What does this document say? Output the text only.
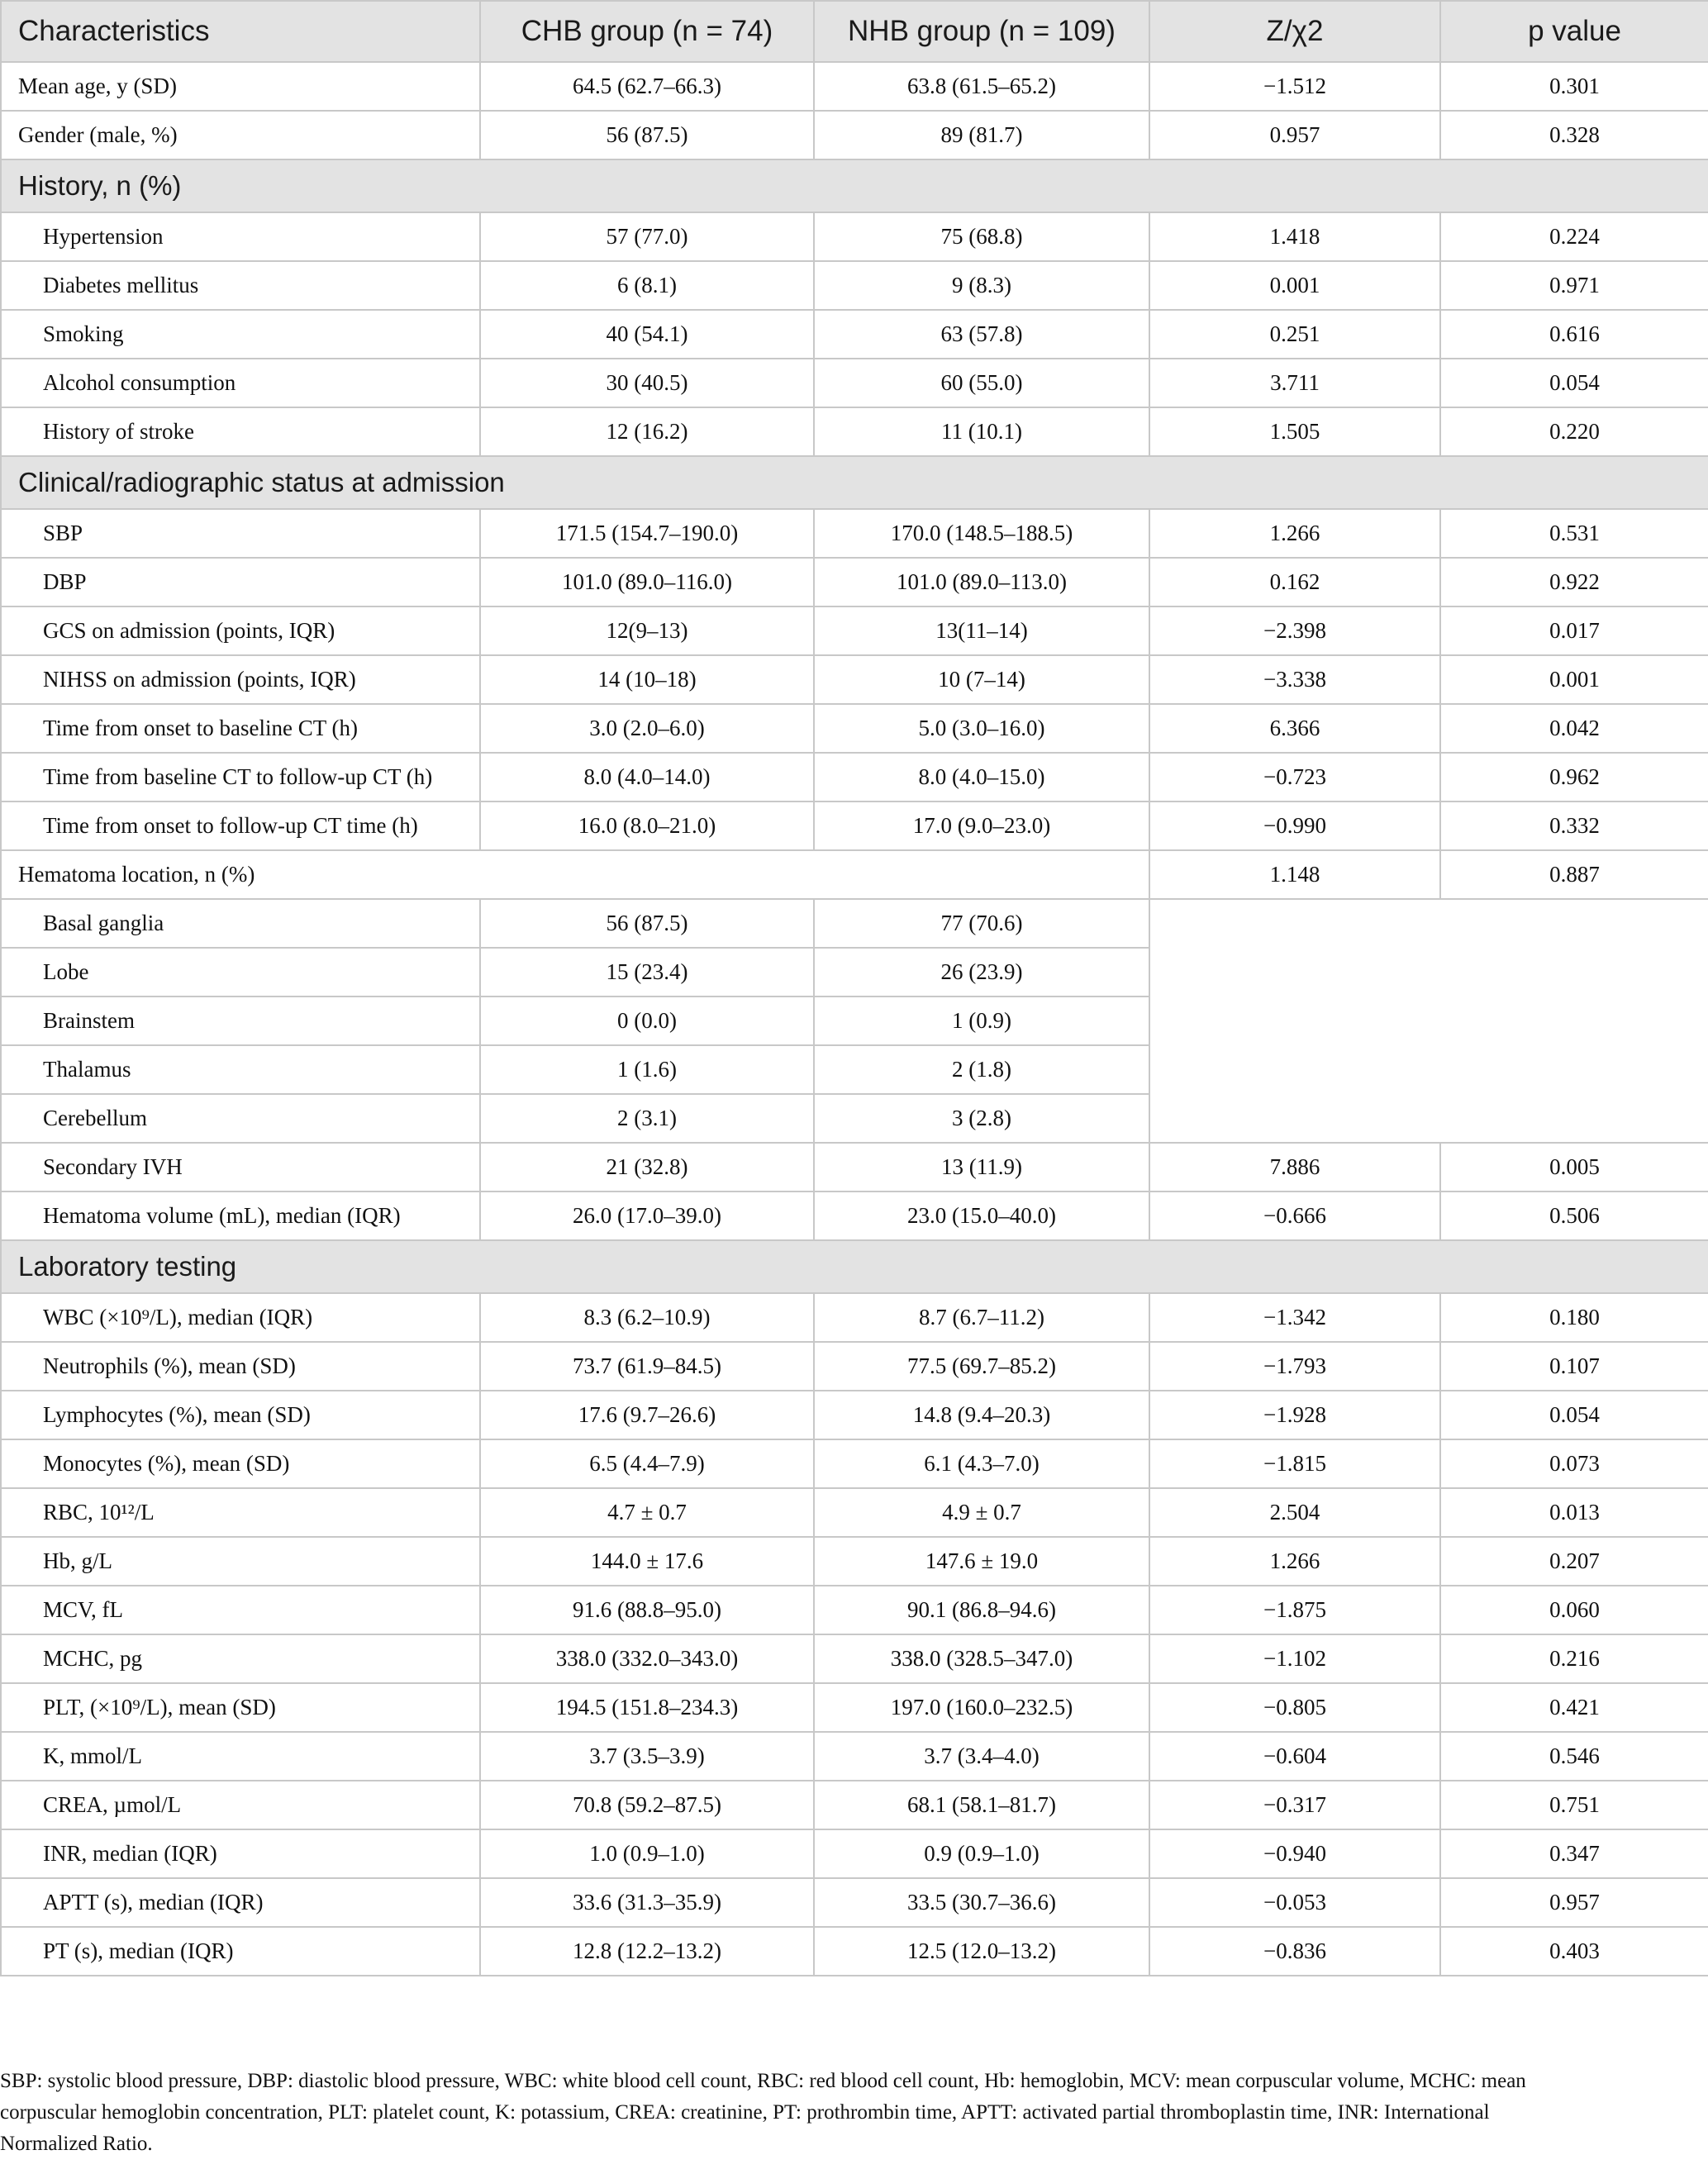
Characteristics	CHB group (n = 74)	NHB group (n = 109)	Z/χ2	p value
Mean age, y (SD)	64.5 (62.7–66.3)	63.8 (61.5–65.2)	−1.512	0.301
Gender (male, %)	56 (87.5)	89 (81.7)	0.957	0.328
History, n (%)				
Hypertension	57 (77.0)	75 (68.8)	1.418	0.224
Diabetes mellitus	6 (8.1)	9 (8.3)	0.001	0.971
Smoking	40 (54.1)	63 (57.8)	0.251	0.616
Alcohol consumption	30 (40.5)	60 (55.0)	3.711	0.054
History of stroke	12 (16.2)	11 (10.1)	1.505	0.220
Clinical/radiographic status at admission				
SBP	171.5 (154.7–190.0)	170.0 (148.5–188.5)	1.266	0.531
DBP	101.0 (89.0–116.0)	101.0 (89.0–113.0)	0.162	0.922
GCS on admission (points, IQR)	12(9–13)	13(11–14)	−2.398	0.017
NIHSS on admission (points, IQR)	14 (10–18)	10 (7–14)	−3.338	0.001
Time from onset to baseline CT (h)	3.0 (2.0–6.0)	5.0 (3.0–16.0)	6.366	0.042
Time from baseline CT to follow-up CT (h)	8.0 (4.0–14.0)	8.0 (4.0–15.0)	−0.723	0.962
Time from onset to follow-up CT time (h)	16.0 (8.0–21.0)	17.0 (9.0–23.0)	−0.990	0.332
Hematoma location, n (%)			1.148	0.887
Basal ganglia	56 (87.5)	77 (70.6)		
Lobe	15 (23.4)	26 (23.9)		
Brainstem	0 (0.0)	1 (0.9)		
Thalamus	1 (1.6)	2 (1.8)		
Cerebellum	2 (3.1)	3 (2.8)		
Secondary IVH	21 (32.8)	13 (11.9)	7.886	0.005
Hematoma volume (mL), median (IQR)	26.0 (17.0–39.0)	23.0 (15.0–40.0)	−0.666	0.506
Laboratory testing				
WBC (×10⁹/L), median (IQR)	8.3 (6.2–10.9)	8.7 (6.7–11.2)	−1.342	0.180
Neutrophils (%), mean (SD)	73.7 (61.9–84.5)	77.5 (69.7–85.2)	−1.793	0.107
Lymphocytes (%), mean (SD)	17.6 (9.7–26.6)	14.8 (9.4–20.3)	−1.928	0.054
Monocytes (%), mean (SD)	6.5 (4.4–7.9)	6.1 (4.3–7.0)	−1.815	0.073
RBC, 10¹²/L	4.7 ± 0.7	4.9 ± 0.7	2.504	0.013
Hb, g/L	144.0 ± 17.6	147.6 ± 19.0	1.266	0.207
MCV, fL	91.6 (88.8–95.0)	90.1 (86.8–94.6)	−1.875	0.060
MCHC, pg	338.0 (332.0–343.0)	338.0 (328.5–347.0)	−1.102	0.216
PLT, (×10⁹/L), mean (SD)	194.5 (151.8–234.3)	197.0 (160.0–232.5)	−0.805	0.421
K, mmol/L	3.7 (3.5–3.9)	3.7 (3.4–4.0)	−0.604	0.546
CREA, µmol/L	70.8 (59.2–87.5)	68.1 (58.1–81.7)	−0.317	0.751
INR, median (IQR)	1.0 (0.9–1.0)	0.9 (0.9–1.0)	−0.940	0.347
APTT (s), median (IQR)	33.6 (31.3–35.9)	33.5 (30.7–36.6)	−0.053	0.957
PT (s), median (IQR)	12.8 (12.2–13.2)	12.5 (12.0–13.2)	−0.836	0.403
SBP: systolic blood pressure, DBP: diastolic blood pressure, WBC: white blood cell count, RBC: red blood cell count, Hb: hemoglobin, MCV: mean corpuscular volume, MCHC: mean
corpuscular hemoglobin concentration, PLT: platelet count, K: potassium, CREA: creatinine, PT: prothrombin time, APTT: activated partial thromboplastin time, INR: International
Normalized Ratio.
